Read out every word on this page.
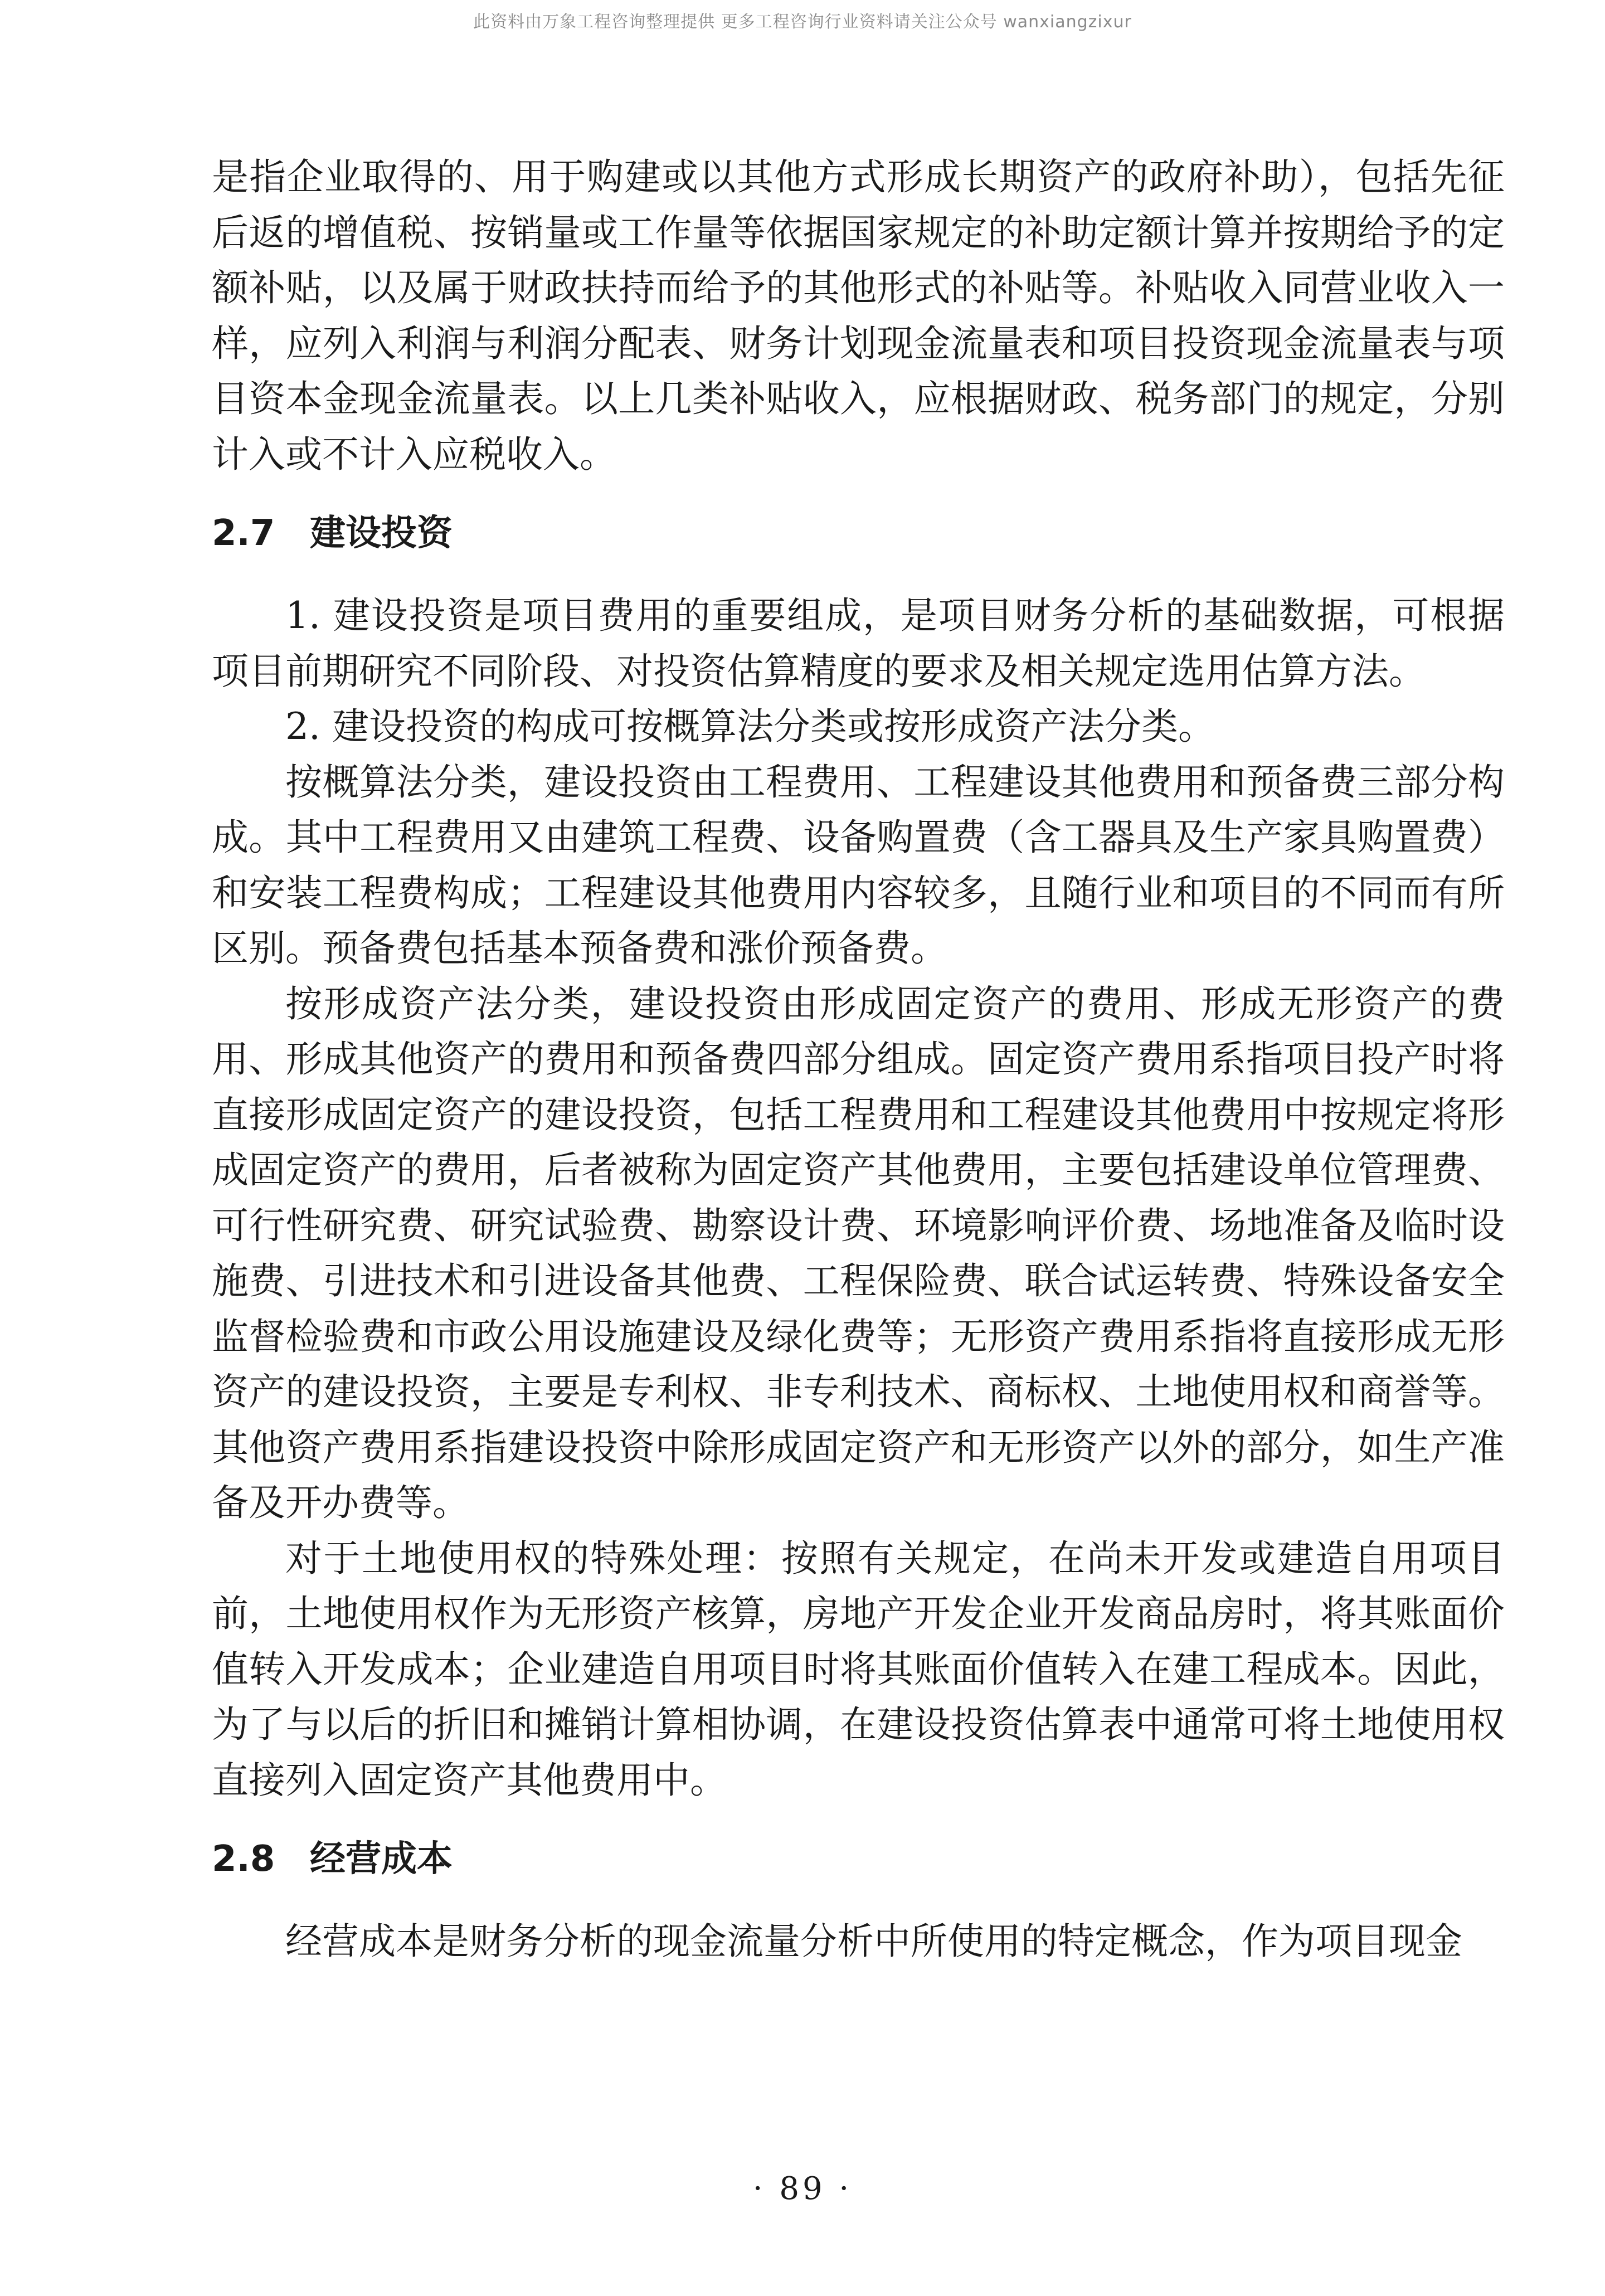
此资料由万象工程咨询整理提供 更多工程咨询行业资料请关注公众号 wanxiangzixur

是指企业取得的、用于购建或以其他方式形成长期资产的政府补助），包括先征后返的增值税、按销量或工作量等依据国家规定的补助定额计算并按期给予的定额补贴，以及属于财政扶持而给予的其他形式的补贴等。补贴收入同营业收入一样，应列入利润与利润分配表、财务计划现金流量表和项目投资现金流量表与项目资本金现金流量表。以上几类补贴收入，应根据财政、税务部门的规定，分别计入或不计入应税收入。

2.7 建设投资

1. 建设投资是项目费用的重要组成，是项目财务分析的基础数据，可根据项目前期研究不同阶段、对投资估算精度的要求及相关规定选用估算方法。

2. 建设投资的构成可按概算法分类或按形成资产法分类。

按概算法分类，建设投资由工程费用、工程建设其他费用和预备费三部分构成。其中工程费用又由建筑工程费、设备购置费（含工器具及生产家具购置费）和安装工程费构成；工程建设其他费用内容较多，且随行业和项目的不同而有所区别。预备费包括基本预备费和涨价预备费。

按形成资产法分类，建设投资由形成固定资产的费用、形成无形资产的费用、形成其他资产的费用和预备费四部分组成。固定资产费用系指项目投产时将直接形成固定资产的建设投资，包括工程费用和工程建设其他费用中按规定将形成固定资产的费用，后者被称为固定资产其他费用，主要包括建设单位管理费、可行性研究费、研究试验费、勘察设计费、环境影响评价费、场地准备及临时设施费、引进技术和引进设备其他费、工程保险费、联合试运转费、特殊设备安全监督检验费和市政公用设施建设及绿化费等；无形资产费用系指将直接形成无形资产的建设投资，主要是专利权、非专利技术、商标权、土地使用权和商誉等。其他资产费用系指建设投资中除形成固定资产和无形资产以外的部分，如生产准备及开办费等。

对于土地使用权的特殊处理：按照有关规定，在尚未开发或建造自用项目前，土地使用权作为无形资产核算，房地产开发企业开发商品房时，将其账面价值转入开发成本；企业建造自用项目时将其账面价值转入在建工程成本。因此，为了与以后的折旧和摊销计算相协调，在建设投资估算表中通常可将土地使用权直接列入固定资产其他费用中。

2.8 经营成本

经营成本是财务分析的现金流量分析中所使用的特定概念，作为项目现金

· 89 ·
